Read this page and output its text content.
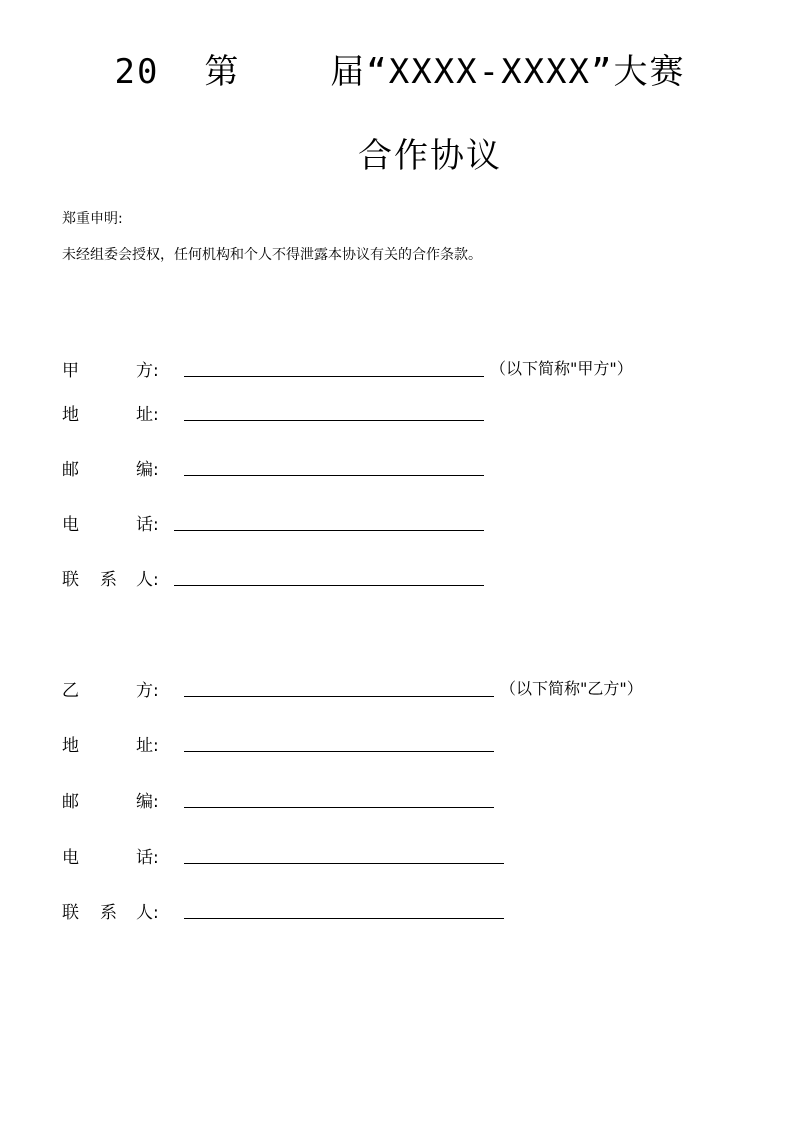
20  第    届“XXXX-XXXX”大赛
合作协议
郑重申明:
未经组委会授权，任何机构和个人不得泄露本协议有关的合作条款。
甲	方:	（以下简称"甲方"）
地	址:
邮	编:
电	话:
联 系 人:
乙	方:	（以下简称"乙方"）
地	址:
邮	编:
电	话:
联 系 人:
